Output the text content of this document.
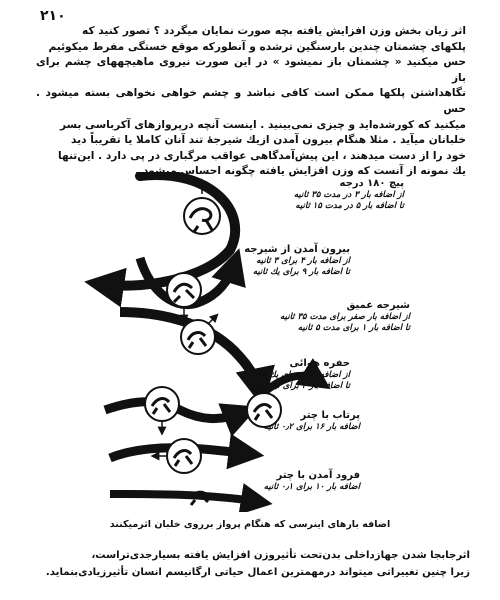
۲۱۰

اثر زیان بخش وزن افزایش یافته بچه صورت نمایان میگردد ؟ تصور کنید که

پلکهای چشمتان چندین بارسنگین ترشده و آنطورکه موقع خستگی مفرط میکوئیم

حس میکنید « چشمتان باز نمیشود » در این صورت نیروی ماهیچههای چشم برای باز

نگاهداشتن پلکها ممکن است کافی نباشد و چشم خواهی نخواهی بسته میشود . حس

میکنید که کورشده‌اید و چیزی نمی‌بینید . اینست آنچه درپروازهای آکرباسی بسر

خلبانان میآید . مثلا هنگام بیرون آمدن ازیك شیرجهٔ تند آنان کاملا یا تقریباً دید

خود را از دست میدهند ، این پیش‌آمدگاهی عواقب مرگباری در پی دارد . این‌تنها

یك نمونه از آنست که وزن افزایش یافته چگونه احساس میشود .

پیچ ۱۸۰ درجه
از اضافه بار ۳ در مدت ۳۵ ثانیه
تا اضافه بار ۵ در مدت ۱۵ ثانیه
بیرون آمدن از شیرجه
از اضافه بار ۴ برای ۳ ثانیه
تا اضافه بار ۹ برای یك ثانیه
شیرجه عمیق
از اضافه بار صفر برای مدت ۳۵ ثانیه
تا اضافه بار ۱ برای مدت ۵ ثانیه
حفره هوائی
از اضافه بار ۱ برای یك ثانیه
تا اضافه بار ۳ برای نیم ثانیه
پرتاب با چتر
اضافه بار ۱۶ برای ۰٫۲ ثانیه
فرود آمدن با چتر
اضافه بار ۱۰ برای ۰٫۱ ثانیه
اضافه بارهای اینرسی که هنگام پرواز برروی خلبان اثرمیکنند

اثرجابجا شدن جهازداخلی بدن‌تحت تأثیروزن افزایش یافته بسیارجدی‌تراست،

زیرا چنین تغییراتی میتواند درمهمترین اعمال حیاتی ارگانیسم انسان تأثیرزیادی‌بنماید.
